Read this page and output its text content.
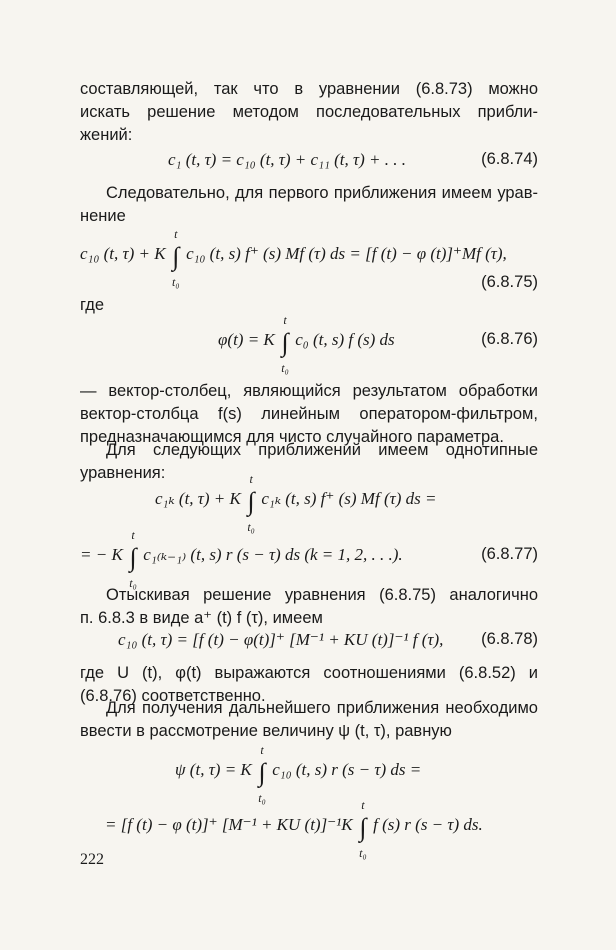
составляющей, так что в уравнении (6.8.73) можно
искать решение методом последовательных прибли-
жений:
c₁ (t, τ) = c₁₀ (t, τ) + c₁₁ (t, τ) + . . .	(6.8.74)
Следовательно, для первого приближения имеем урав-
нение
c₁₀ (t, τ) + K ∫
t
t₀
c₁₀ (t, s) f⁺ (s) Mf (τ) ds = [f (t) − φ (t)]⁺Mf (τ),
(6.8.75)
где
φ(t) = K ∫
t
t₀
c₀ (t, s) f (s) ds	(6.8.76)
— вектор-столбец, являющийся результатом обработки
вектор-столбца f(s) линейным оператором-фильтром,
предназначающимся для чисто случайного параметра.
Для следующих приближений имеем однотипные
уравнения:
c₁ₖ (t, τ) + K ∫
t
t₀
c₁ₖ (t, s) f⁺ (s) Mf (τ) ds =
= − K ∫
t
t₀
c₁₍ₖ₋₁₎ (t, s) r (s − τ) ds (k = 1, 2, . . .).	(6.8.77)
Отыскивая решение уравнения (6.8.75) аналогично
п. 6.8.3 в виде a⁺ (t) f (τ), имеем
c₁₀ (t, τ) = [f (t) − φ(t)]⁺ [M⁻¹ + KU (t)]⁻¹ f (τ), (6.8.78)
где U (t), φ(t) выражаются соотношениями (6.8.52) и
(6.8.76) соответственно.
Для получения дальнейшего приближения необходимо
ввести в рассмотрение величину ψ (t, τ), равную
ψ (t, τ) = K ∫
t
t₀
c₁₀ (t, s) r (s − τ) ds =
= [f (t) − φ (t)]⁺ [M⁻¹ + KU (t)]⁻¹K ∫
t
t₀
f (s) r (s − τ) ds.
222
